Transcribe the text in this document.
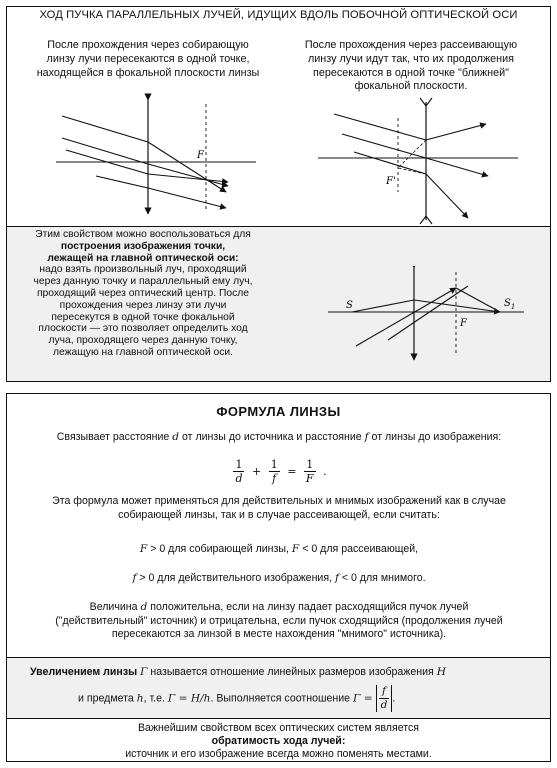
ХОД ПУЧКА ПАРАЛЛЕЛЬНЫХ ЛУЧЕЙ, ИДУЩИХ ВДОЛЬ ПОБОЧНОЙ ОПТИЧЕСКОЙ ОСИ
После прохождения через собирающую
линзу лучи пересекаются в одной точке,
находящейся в фокальной плоскости линзы
После прохождения через рассеивающую
линзу лучи идут так, что их продолжения
пересекаются в одной точке "ближней"
фокальной плоскости.
F
F'
Этим свойством можно воспользоваться для
построения изображения точки,
лежащей на главной оптической оси:
надо взять произвольный луч, проходящий
через данную точку и параллельный ему луч,
проходящий через оптический центр. После
прохождения через линзу эти лучи
пересекутся в одной точке фокальной
плоскости — это позволяет определить ход
луча, проходящего через данную точку,
лежащую на главной оптической оси.
S	$S_1$
F
ФОРМУЛА ЛИНЗЫ
Связывает расстояние d от линзы до источника и расстояние f от линзы до изображения:
$\frac{1}{d} + \frac{1}{f} = \frac{1}{F}$ .
Эта формула может применяться для действительных и мнимых изображений как в случае
собирающей линзы, так и в случае рассеивающей, если считать:
F > 0 для собирающей линзы, F < 0 для рассеивающей,
f > 0 для действительного изображения, f < 0 для мнимого.
Величина d положительна, если на линзу падает расходящийся пучок лучей
("действительный" источник) и отрицательна, если пучок сходящийся (продолжения лучей
пересекаются за линзой в месте нахождения "мнимого" источника).
Увеличением линзы Γ называется отношение линейных размеров изображения H
и предмета h, т.е. Γ = H/h. Выполняется соотношение $\Gamma = \frac{f}{d}$ .
Важнейшим свойством всех оптических систем является
обратимость хода лучей:
источник и его изображение всегда можно поменять местами.
